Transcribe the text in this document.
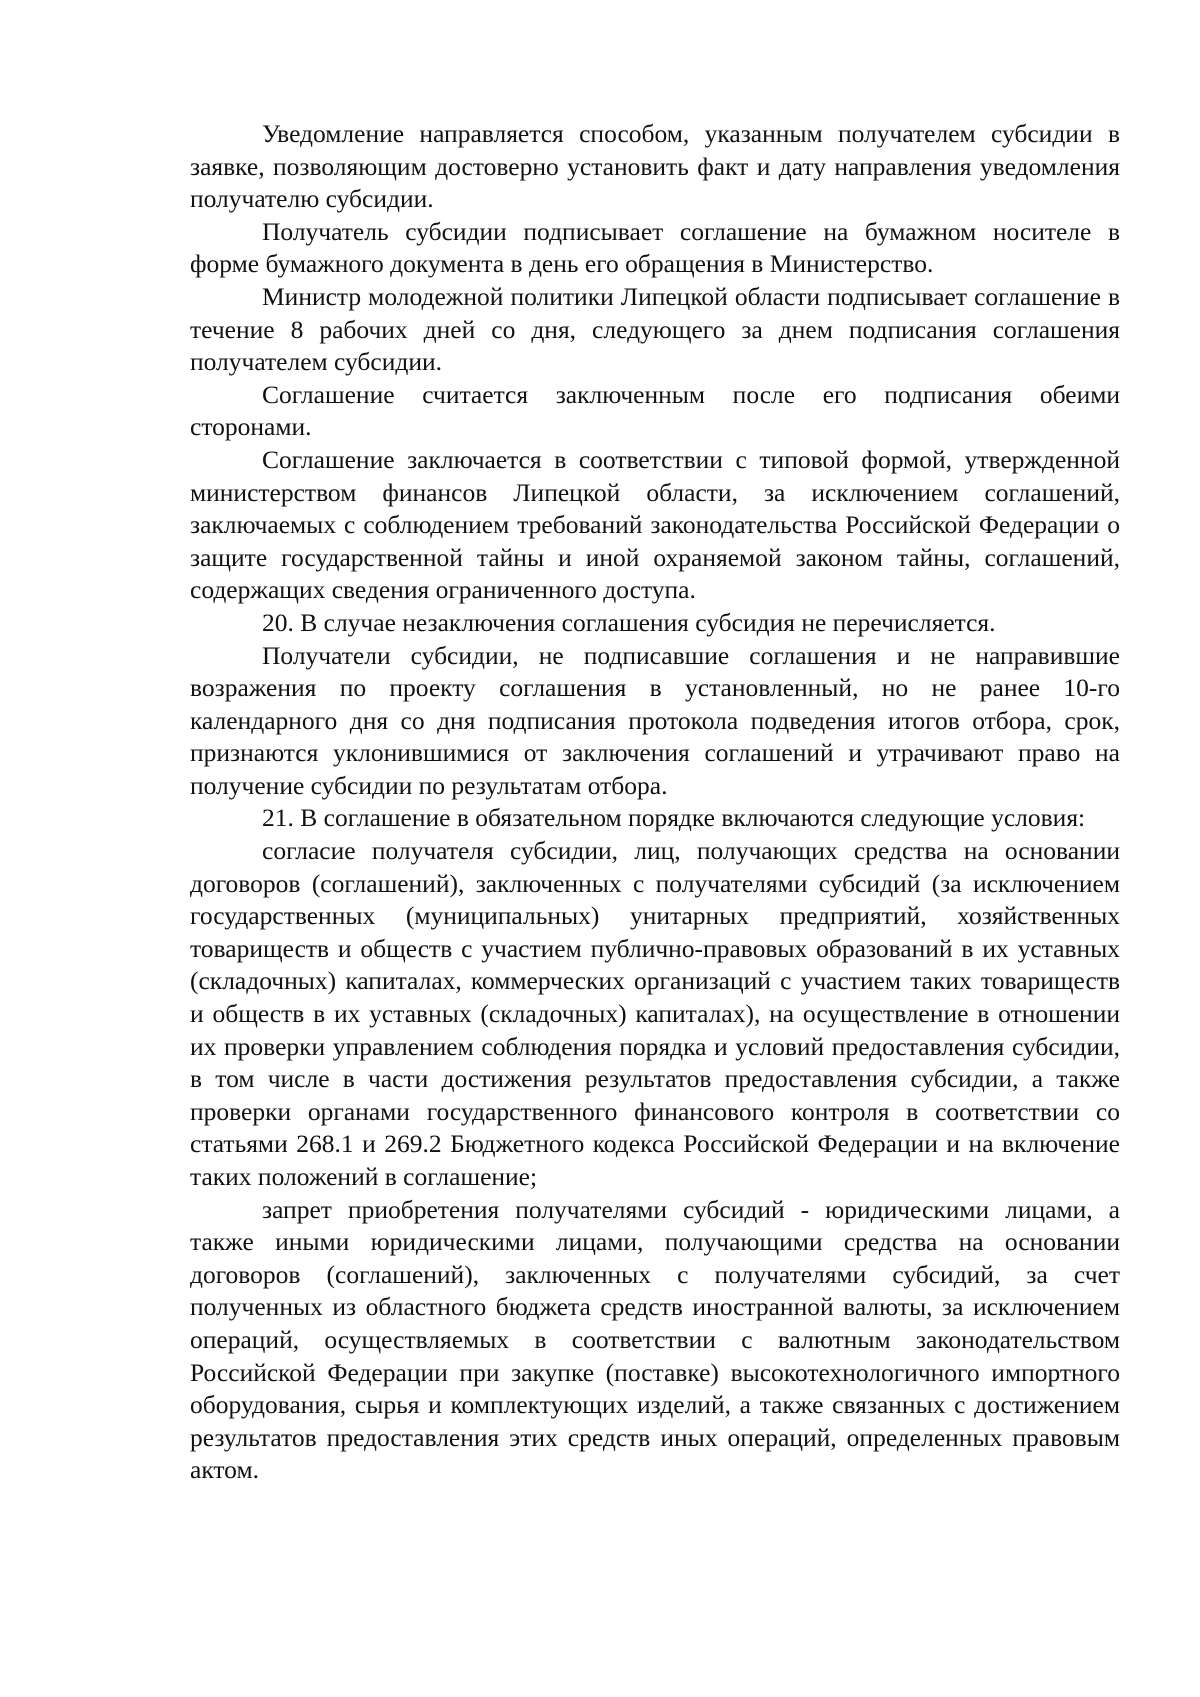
Уведомление направляется способом, указанным получателем субсидии в заявке, позволяющим достоверно установить факт и дату направления уведомления получателю субсидии.

Получатель субсидии подписывает соглашение на бумажном носителе в форме бумажного документа в день его обращения в Министерство.

Министр молодежной политики Липецкой области подписывает соглашение в течение 8 рабочих дней со дня, следующего за днем подписания соглашения получателем субсидии.

Соглашение считается заключенным после его подписания обеими сторонами.

Соглашение заключается в соответствии с типовой формой, утвержденной министерством финансов Липецкой области, за исключением соглашений, заключаемых с соблюдением требований законодательства Российской Федерации о защите государственной тайны и иной охраняемой законом тайны, соглашений, содержащих сведения ограниченного доступа.

20. В случае незаключения соглашения субсидия не перечисляется.

Получатели субсидии, не подписавшие соглашения и не направившие возражения по проекту соглашения в установленный, но не ранее 10-го календарного дня со дня подписания протокола подведения итогов отбора, срок, признаются уклонившимися от заключения соглашений и утрачивают право на получение субсидии по результатам отбора.

21. В соглашение в обязательном порядке включаются следующие условия:

согласие получателя субсидии, лиц, получающих средства на основании договоров (соглашений), заключенных с получателями субсидий (за исключением государственных (муниципальных) унитарных предприятий, хозяйственных товариществ и обществ с участием публично-правовых образований в их уставных (складочных) капиталах, коммерческих организаций с участием таких товариществ и обществ в их уставных (складочных) капиталах), на осуществление в отношении их проверки управлением соблюдения порядка и условий предоставления субсидии, в том числе в части достижения результатов предоставления субсидии, а также проверки органами государственного финансового контроля в соответствии со статьями 268.1 и 269.2 Бюджетного кодекса Российской Федерации и на включение таких положений в соглашение;

запрет приобретения получателями субсидий - юридическими лицами, а также иными юридическими лицами, получающими средства на основании договоров (соглашений), заключенных с получателями субсидий, за счет полученных из областного бюджета средств иностранной валюты, за исключением операций, осуществляемых в соответствии с валютным законодательством Российской Федерации при закупке (поставке) высокотехнологичного импортного оборудования, сырья и комплектующих изделий, а также связанных с достижением результатов предоставления этих средств иных операций, определенных правовым актом.
